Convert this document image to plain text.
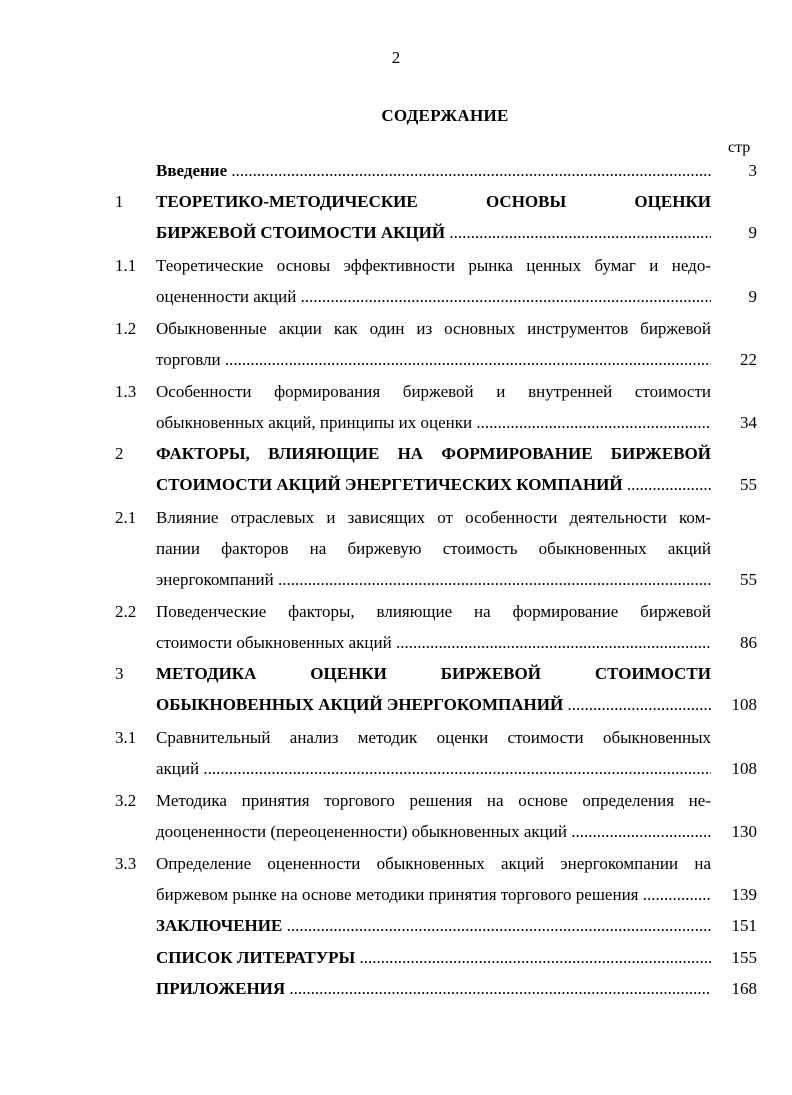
2
СОДЕРЖАНИЕ
стр
Введение .....	3
1 ТЕОРЕТИКО-МЕТОДИЧЕСКИЕ ОСНОВЫ ОЦЕНКИ
БИРЖЕВОЙ СТОИМОСТИ АКЦИЙ .....	9
1.1 Теоретические основы эффективности рынка ценных бумаг и недо-
оцененности акций .....	9
1.2 Обыкновенные акции как один из основных инструментов биржевой
торговли .....	22
1.3 Особенности формирования биржевой и внутренней стоимости
обыкновенных акций, принципы их оценки .....	34
2 ФАКТОРЫ, ВЛИЯЮЩИЕ НА ФОРМИРОВАНИЕ БИРЖЕВОЙ
СТОИМОСТИ АКЦИЙ ЭНЕРГЕТИЧЕСКИХ КОМПАНИЙ .....	55
2.1 Влияние отраслевых и зависящих от особенности деятельности ком-
пании факторов на биржевую стоимость обыкновенных акций
энергокомпаний .....	55
2.2 Поведенческие факторы, влияющие на формирование биржевой
стоимости обыкновенных акций .....	86
3 МЕТОДИКА ОЦЕНКИ БИРЖЕВОЙ СТОИМОСТИ
ОБЫКНОВЕННЫХ АКЦИЙ ЭНЕРГОКОМПАНИЙ .....	108
3.1 Сравнительный анализ методик оценки стоимости обыкновенных
акций .....	108
3.2 Методика принятия торгового решения на основе определения не-
дооцененности (переоцененности) обыкновенных акций .....	130
3.3 Определение оцененности обыкновенных акций энергокомпании на
биржевом рынке на основе методики принятия торгового решения .....	139
ЗАКЛЮЧЕНИЕ .....	151
СПИСОК ЛИТЕРАТУРЫ .....	155
ПРИЛОЖЕНИЯ .....	168
